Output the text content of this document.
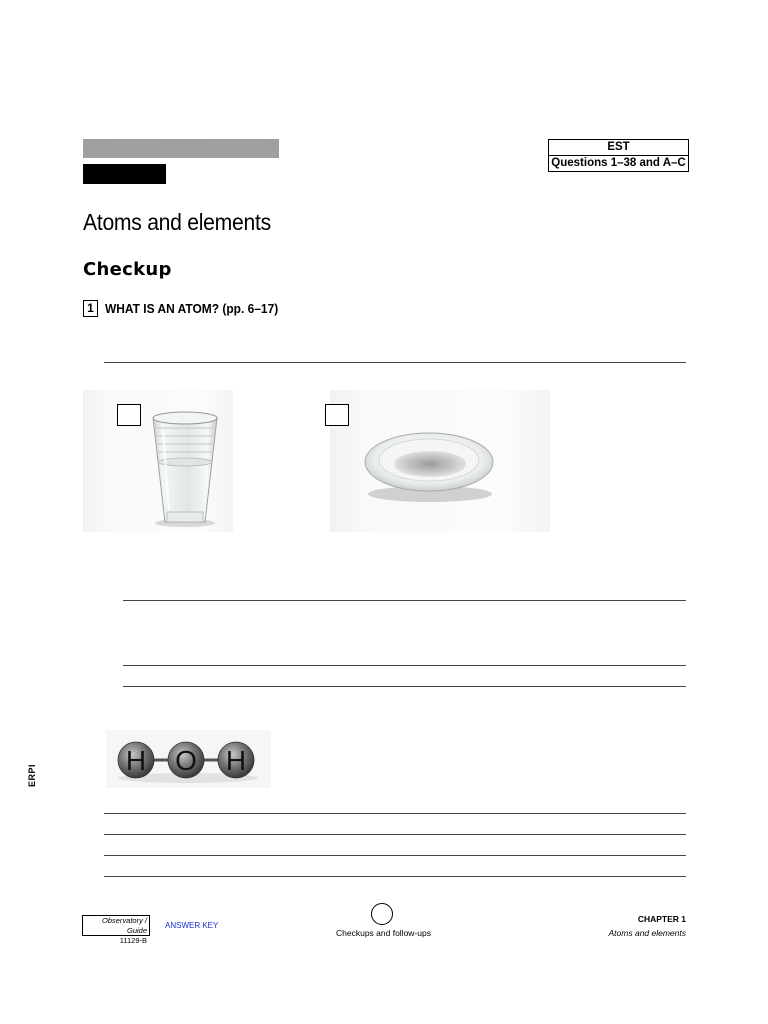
EST
Questions 1–38 and A–C
Atoms and elements
Checkup
1 WHAT IS AN ATOM? (pp. 6–17)
H O H
ERPI
Observatory / Guide
11129-B
ANSWER KEY
Checkups and follow-ups
CHAPTER 1
Atoms and elements
